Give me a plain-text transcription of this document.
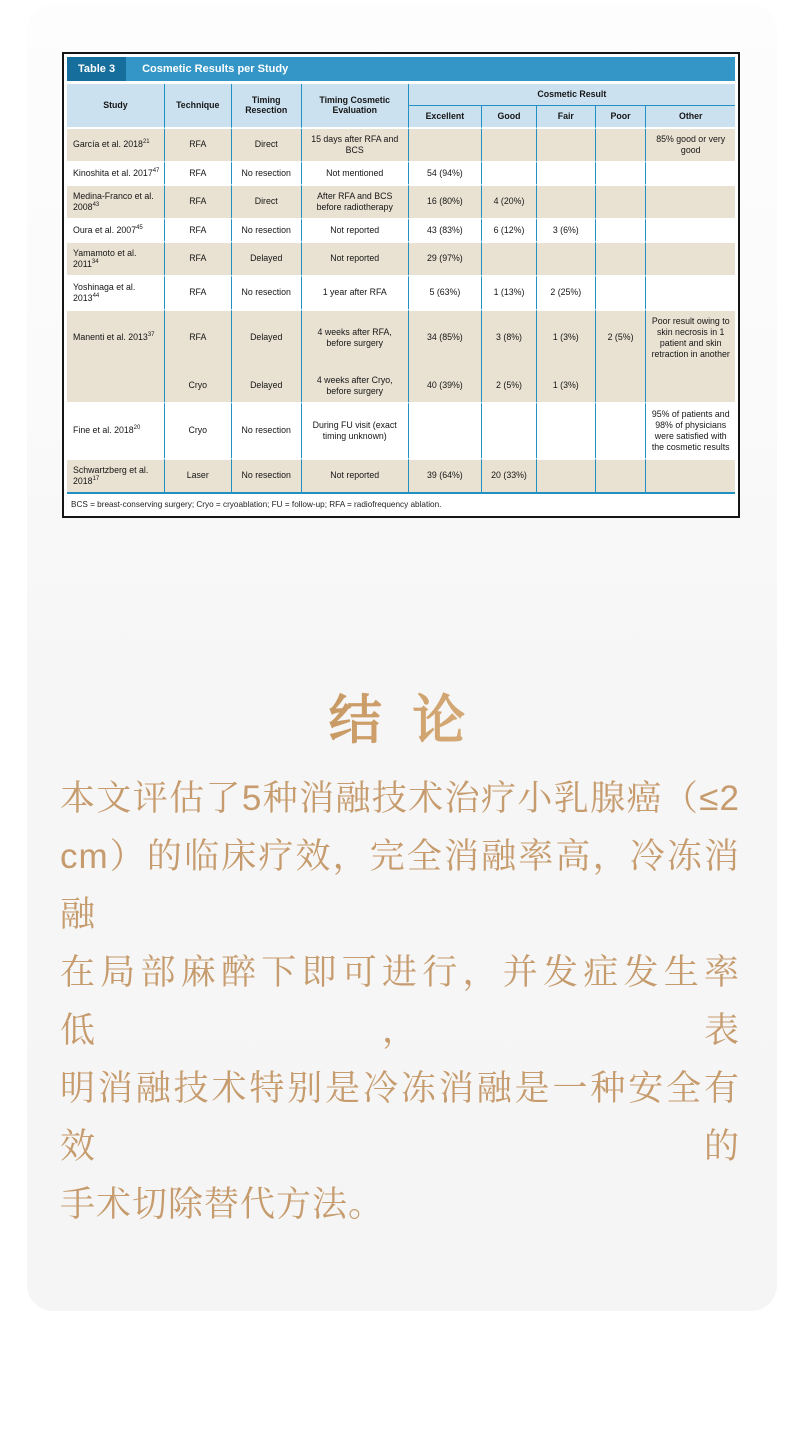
Table 3	Cosmetic Results per Study
Study	Technique	Timing Resection	Timing Cosmetic Evaluation	Cosmetic Result				
				Excellent	Good	Fair	Poor	Other
García et al. 2018$^{21}$	RFA	Direct	15 days after RFA and BCS					85% good or very good
Kinoshita et al. 2017$^{47}$	RFA	No resection	Not mentioned	54 (94%)				
Medina-Franco et al. 2008$^{43}$	RFA	Direct	After RFA and BCS before radiotherapy	16 (80%)	4 (20%)			
Oura et al. 2007$^{45}$	RFA	No resection	Not reported	43 (83%)	6 (12%)	3 (6%)		
Yamamoto et al. 2011$^{34}$	RFA	Delayed	Not reported	29 (97%)				
Yoshinaga et al. 2013$^{44}$	RFA	No resection	1 year after RFA	5 (63%)	1 (13%)	2 (25%)		
Manenti et al. 2013$^{37}$	RFA	Delayed	4 weeks after RFA, before surgery	34 (85%)	3 (8%)	1 (3%)	2 (5%)	Poor result owing to skin necrosis in 1 patient and skin retraction in another
	Cryo	Delayed	4 weeks after Cryo, before surgery	40 (39%)	2 (5%)	1 (3%)		
Fine et al. 2018$^{20}$	Cryo	No resection	During FU visit (exact timing unknown)					95% of patients and 98% of physicians were satisfied with the cosmetic results
Schwartzberg et al. 2018$^{17}$	Laser	No resection	Not reported	39 (64%)	20 (33%)			
BCS = breast-conserving surgery; Cryo = cryoablation; FU = follow-up; RFA = radiofrequency ablation.
结 论
本文评估了5种消融技术治疗小乳腺癌（≤2
cm）的临床疗效，完全消融率高，冷冻消融
在局部麻醉下即可进行，并发症发生率低，表
明消融技术特别是冷冻消融是一种安全有效的
手术切除替代方法。
